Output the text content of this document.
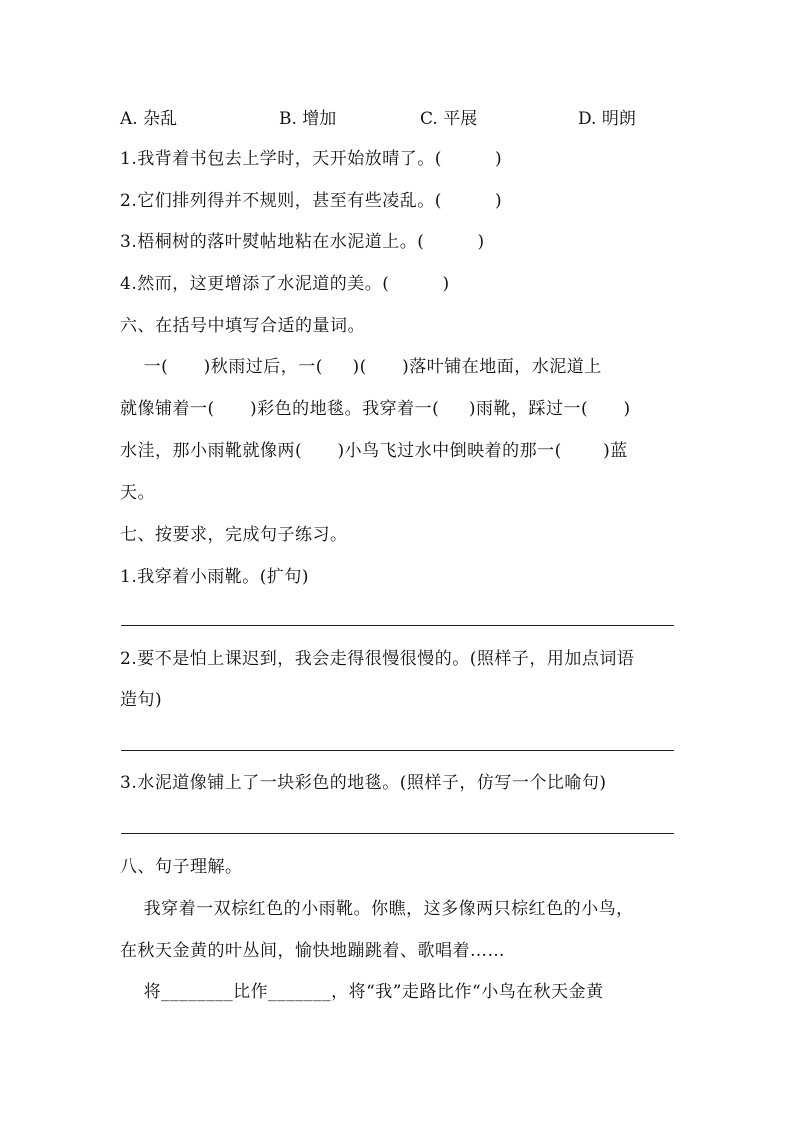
A. 杂乱	B. 增加	C. 平展	D. 明朗
1.我背着书包去上学时，天开始放晴了。(         )
2.它们排列得并不规则，甚至有些凌乱。(         )
3.梧桐树的落叶熨帖地粘在水泥道上。(         )
4.然而，这更增添了水泥道的美。(         )
六、在括号中填写合适的量词。
一(      )秋雨过后，一(     )(      )落叶铺在地面，水泥道上
就像铺着一(      )彩色的地毯。我穿着一(     )雨靴，踩过一(      )
水洼，那小雨靴就像两(      )小鸟飞过水中倒映着的那一(       )蓝
天。
七、按要求，完成句子练习。
1.我穿着小雨靴。(扩句)
2.要不是怕上课迟到，我会走得很慢很慢的。(照样子，用加点词语
造句)
3.水泥道像铺上了一块彩色的地毯。(照样子，仿写一个比喻句)
八、句子理解。
我穿着一双棕红色的小雨靴。你瞧，这多像两只棕红色的小鸟，
在秋天金黄的叶丛间，愉快地蹦跳着、歌唱着……
将________比作_______，将“我”走路比作“小鸟在秋天金黄
